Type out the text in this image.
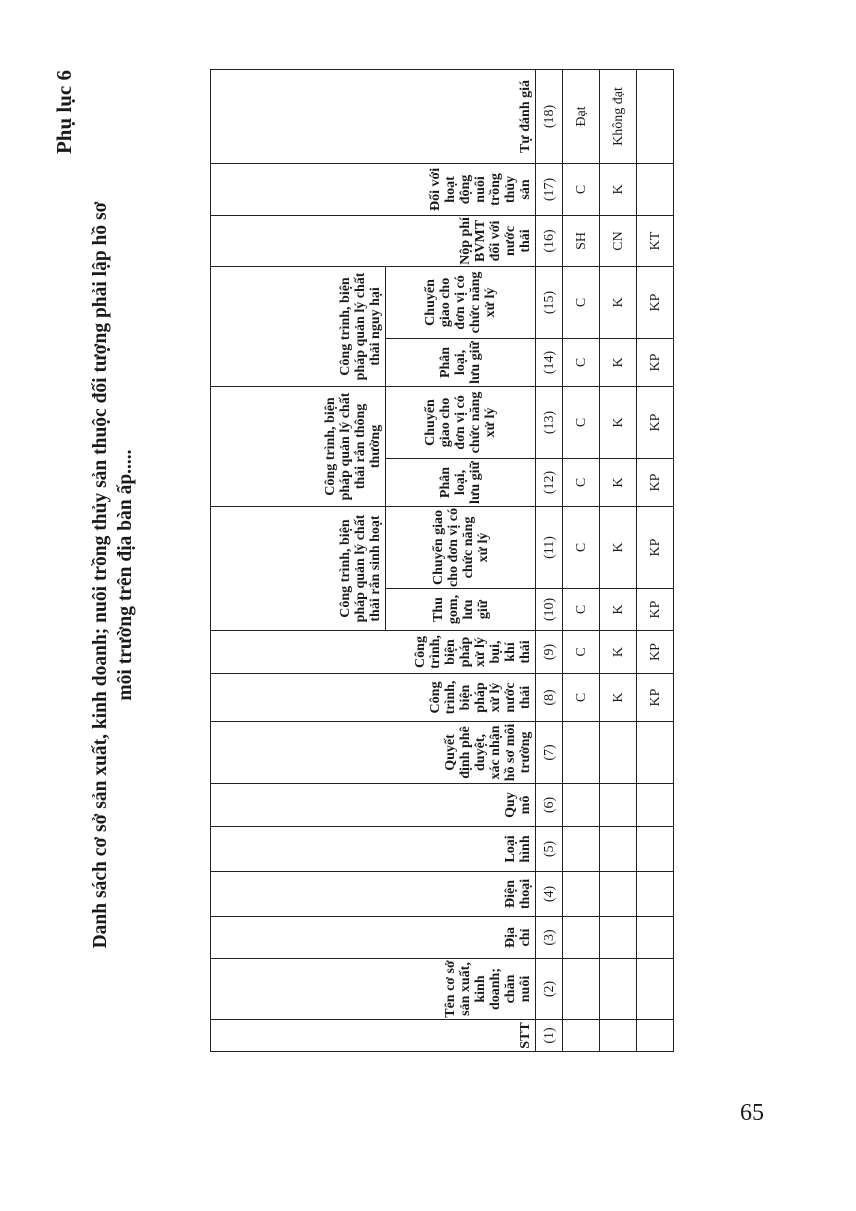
Phụ lục 6
Danh sách cơ sở sản xuất, kinh doanh; nuôi trồng thủy sản thuộc đối tượng phải lập hồ sơ môi trường trên địa bàn ấp.....
STT	Tên cơ sở sản xuất, kinh doanh; chăn nuôi	Địa chỉ	Điện thoại	Loại hình	Quy mô	Quyết định phê duyệt, xác nhận hồ sơ môi trường	Công trình, biện pháp xử lý nước thải	Công trình, biện pháp xử lý bụi, khí thải	Công trình, biện pháp quản lý chất thải rắn sinh hoạt		Công trình, biện pháp quản lý chất thải rắn thông thường		Công trình, biện pháp quản lý chất thải nguy hại		Nộp phí BVMT đối với nước thải	Đối với hoạt động nuôi trồng thủy sản	Tự đánh giá
									Thu gom, lưu giữ	Chuyển giao cho đơn vị có chức năng xử lý	Phân loại, lưu giữ	Chuyển giao cho đơn vị có chức năng xử lý	Phân loại, lưu giữ	Chuyển giao cho đơn vị có chức năng xử lý			
(1)	(2)	(3)	(4)	(5)	(6)	(7)	(8)	(9)	(10)	(11)	(12)	(13)	(14)	(15)	(16)	(17)	(18)
							C	C	C	C	C	C	C	C	SH	C	Đạt
							K	K	K	K	K	K	K	K	CN	K	Không đạt
							KP	KP	KP	KP	KP	KP	KP	KP	KT		
65
